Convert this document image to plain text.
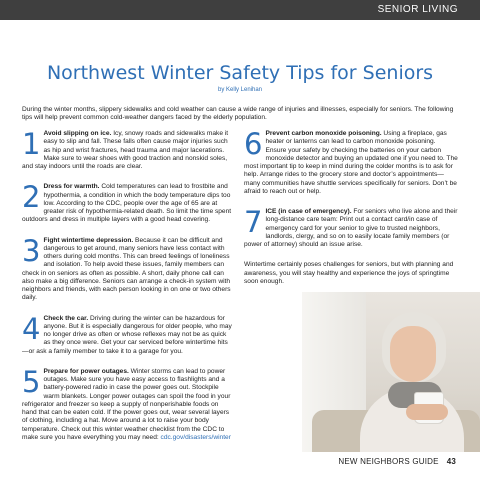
SENIOR LIVING
Northwest Winter Safety Tips for Seniors
by Kelly Lenihan
During the winter months, slippery sidewalks and cold weather can cause a wide range of injuries and illnesses, especially for seniors. The following tips will help prevent common cold-weather dangers faced by the elderly population.
1 Avoid slipping on ice. Icy, snowy roads and sidewalks make it easy to slip and fall. These falls often cause major injuries such as hip and wrist fractures, head trauma and major lacerations. Make sure to wear shoes with good traction and nonskid soles, and stay indoors until the roads are clear.
2 Dress for warmth. Cold temperatures can lead to frostbite and hypothermia, a condition in which the body temperature dips too low. According to the CDC, people over the age of 65 are at greater risk of hypothermia-related death. So limit the time spent outdoors and dress in multiple layers with a good head covering.
3 Fight wintertime depression. Because it can be difficult and dangerous to get around, many seniors have less contact with others during cold months. This can breed feelings of loneliness and isolation. To help avoid these issues, family members can check in on seniors as often as possible. A short, daily phone call can also make a big difference. Seniors can arrange a check-in system with neighbors and friends, with each person looking in on one or two others daily.
4 Check the car. Driving during the winter can be hazardous for anyone. But it is especially dangerous for older people, who may no longer drive as often or whose reflexes may not be as quick as they once were. Get your car serviced before wintertime hits—or ask a family member to take it to a garage for you.
5 Prepare for power outages. Winter storms can lead to power outages. Make sure you have easy access to flashlights and a battery-powered radio in case the power goes out. Stockpile warm blankets. Longer power outages can spoil the food in your refrigerator and freezer so keep a supply of nonperishable foods on hand that can be eaten cold. If the power goes out, wear several layers of clothing, including a hat. Move around a lot to raise your body temperature. Check out this winter weather checklist from the CDC to make sure you have everything you may need: cdc.gov/disasters/winter
6 Prevent carbon monoxide poisoning. Using a fireplace, gas heater or lanterns can lead to carbon monoxide poisoning. Ensure your safety by checking the batteries on your carbon monoxide detector and buying an updated one if you need to. The most important tip to keep in mind during the colder months is to ask for help. Arrange rides to the grocery store and doctor’s appointments—many communities have shuttle services specifically for seniors. Don’t be afraid to reach out or help.
7 ICE (in case of emergency). For seniors who live alone and their long-distance care team: Print out a contact card/in case of emergency card for your senior to give to trusted neighbors, landlords, clergy, and so on to easily locate family members (or power of attorney) should an issue arise.
Wintertime certainly poses challenges for seniors, but with planning and awareness, you will stay healthy and experience the joys of springtime soon enough.
NEW NEIGHBORS GUIDE 43
